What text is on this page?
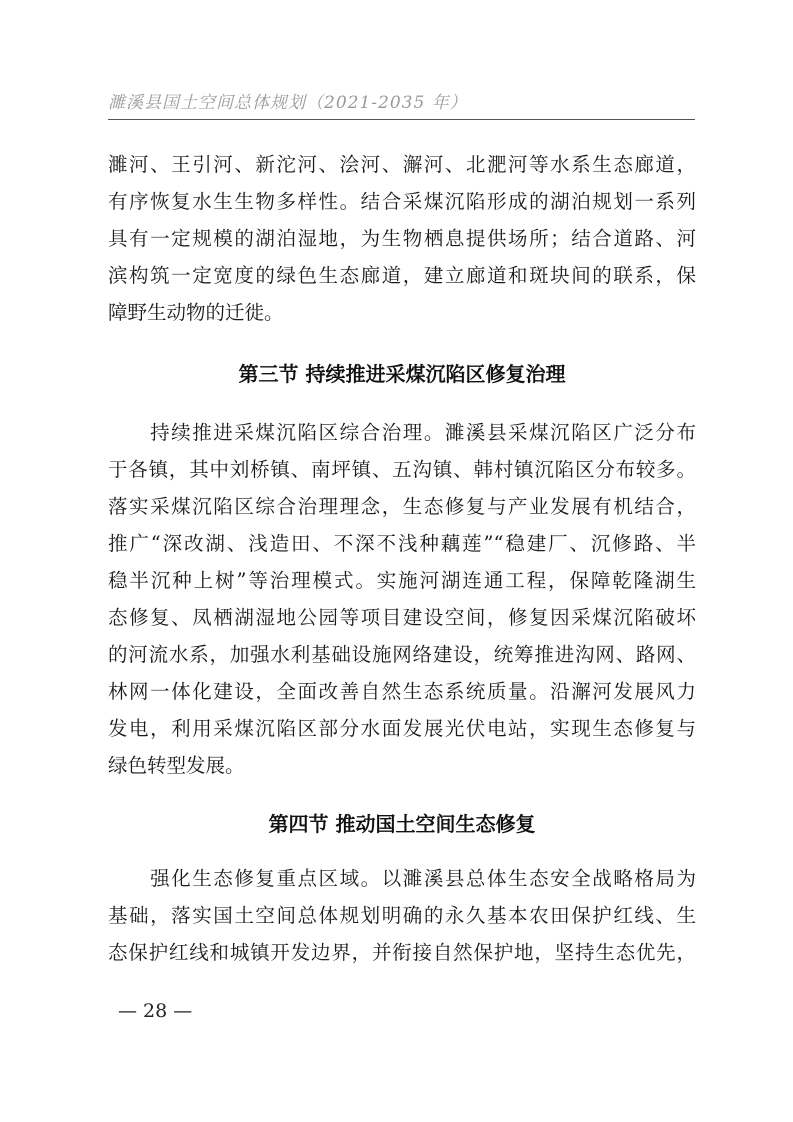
濉溪县国土空间总体规划（2021-2035 年）
濉河、王引河、新沱河、浍河、澥河、北淝河等水系生态廊道，
有序恢复水生生物多样性。结合采煤沉陷形成的湖泊规划一系列
具有一定规模的湖泊湿地，为生物栖息提供场所；结合道路、河
滨构筑一定宽度的绿色生态廊道，建立廊道和斑块间的联系，保
障野生动物的迁徙。
第三节 持续推进采煤沉陷区修复治理
　　持续推进采煤沉陷区综合治理。濉溪县采煤沉陷区广泛分布
于各镇，其中刘桥镇、南坪镇、五沟镇、韩村镇沉陷区分布较多。
落实采煤沉陷区综合治理理念，生态修复与产业发展有机结合，
推广“深改湖、浅造田、不深不浅种藕莲”“稳建厂、沉修路、半
稳半沉种上树”等治理模式。实施河湖连通工程，保障乾隆湖生
态修复、凤栖湖湿地公园等项目建设空间，修复因采煤沉陷破坏
的河流水系，加强水利基础设施网络建设，统筹推进沟网、路网、
林网一体化建设，全面改善自然生态系统质量。沿澥河发展风力
发电，利用采煤沉陷区部分水面发展光伏电站，实现生态修复与
绿色转型发展。
第四节 推动国土空间生态修复
　　强化生态修复重点区域。以濉溪县总体生态安全战略格局为
基础，落实国土空间总体规划明确的永久基本农田保护红线、生
态保护红线和城镇开发边界，并衔接自然保护地，坚持生态优先，
— 28 —
